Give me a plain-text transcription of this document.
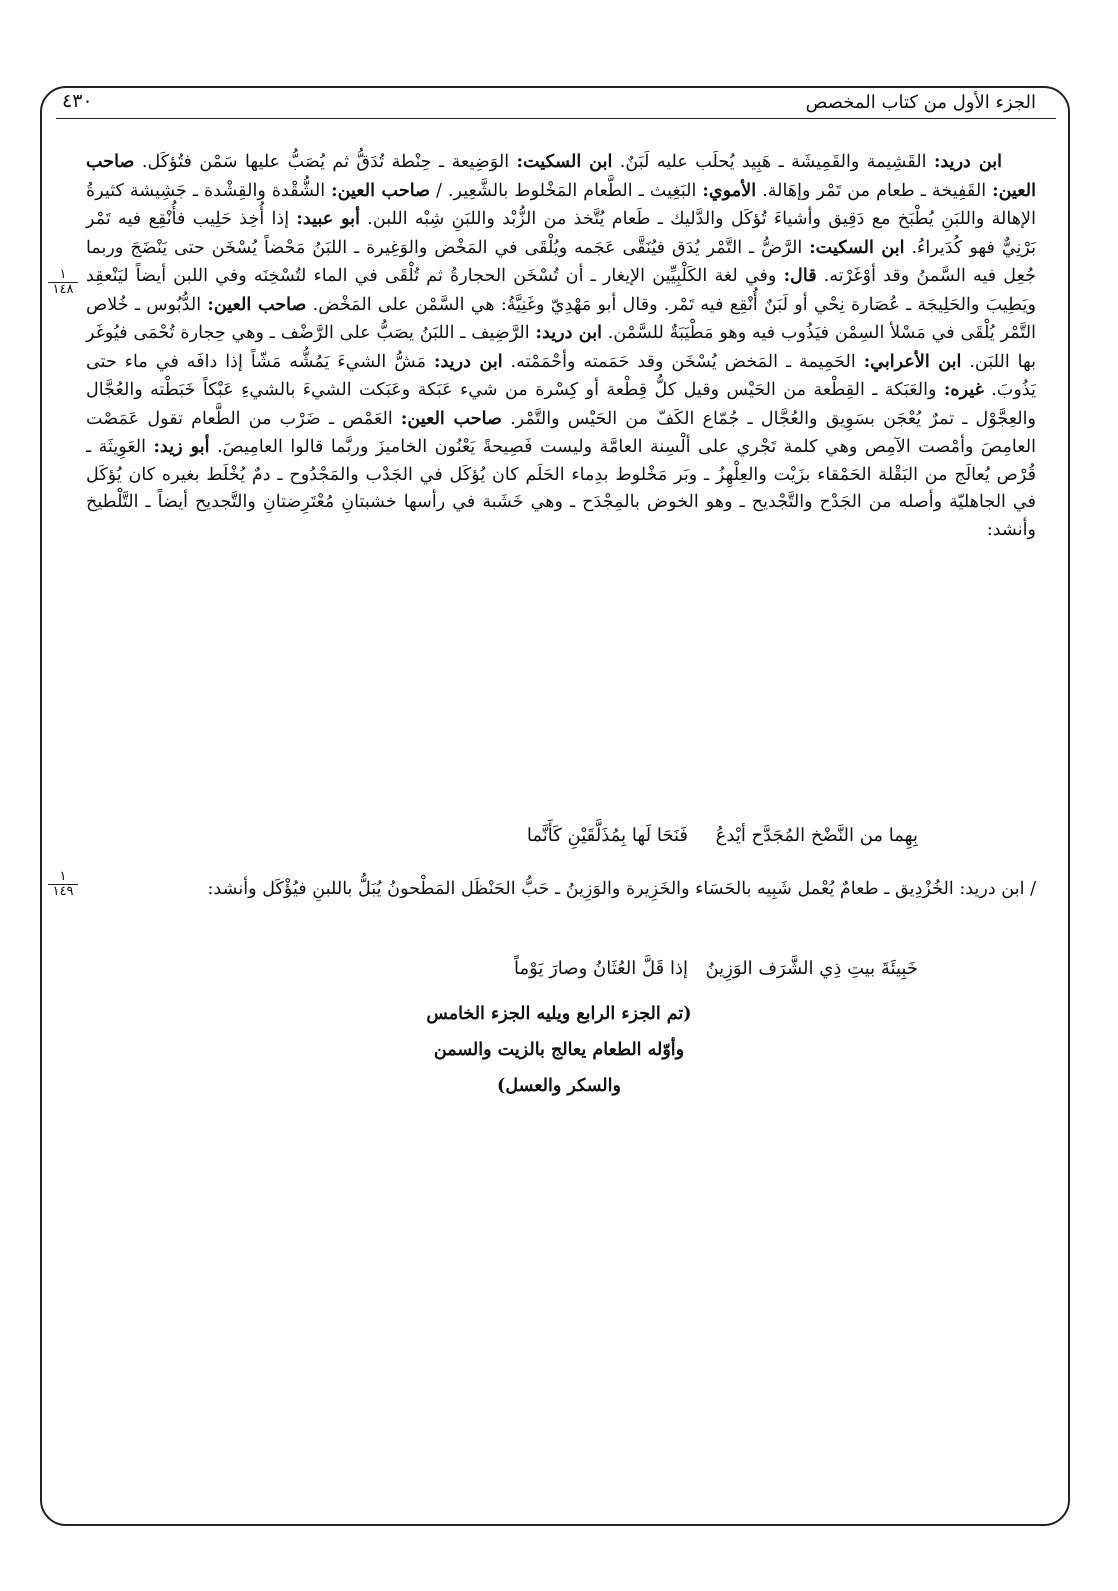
٤٣٠	الجزء الأول من كتاب المخصص
١
١٤٨
١
١٤٩

ابن دريد: القَشِيمة والقَمِيشَة ـ هَبِيد يُحلَب عليه لَبَنٌ. ابن السكيت: الوَضِيعة ـ حِنْطة تُدَقُّ ثم يُصَبُّ عليها سَمْن فتُؤكَل. صاحب العين: القَفِيخة ـ طعام من تَمْر وإهَالة. الأموي: البَغِيث ـ الطَّعام المَخْلوط بالشَّعِير. / صاحب العين: الشُّقْدة والقِشْدة ـ جَشِيشة كثيرةُ الإهالة واللبَنِ يُطْبَخ مع دَقِيق وأشياءَ تُؤكَل والدَّليك ـ طَعام يُتَّخذ من الزُّبْد واللبَنِ شِبْه اللبن. أبو عبيد: إذا أُخِذ حَلِيب فأُنْقِع فيه تَمْر بَرْنِيٌّ فهو كُدَيراءُ. ابن السكيت: الرَّضُّ ـ التَّمْر يُدَق فيُنَقَّى عَجَمه ويُلْقَى في المَخْض والوَغِيرة ـ اللبَنُ مَحْضاً يُسْخَن حتى يَنْضَجَ وربما جُعِل فيه السَّمنُ وقد أوْغَرْته. قال: وفي لغة الكَلْبِيِّين الإيغار ـ أن تُسْخَن الحجارةُ ثم تُلْقَى في الماء لتُسْخِنَه وفي اللبن أيضاً ليَنْعقِد ويَطِيبَ والحَلِيجَة ـ عُصَارة نِحْي أو لَبَنٌ أُنْقِع فيه تَمْر. وقال أبو مَهْدِيّ وغَنِيَّةُ: هي السَّمْن على المَخْض. صاحب العين: الدُّبُوس ـ خُلاص التَّمْر يُلْقَى في مَسْلأ السِمْن فيَذُوب فيه وهو مَطْيَبَةٌ للسَّمْن. ابن دريد: الرَّضِيف ـ اللبَنُ يصَبُّ على الرَّضْف ـ وهي حِجارة تُحْمَى فيُوغَر بها اللبَن. ابن الأعرابي: الحَمِيمة ـ المَخض يُسْخَن وقد حَمَمته وأحْمَمْته. ابن دريد: مَشُّ الشيءَ يَمُشُّه مَشّاً إذا دافَه في ماء حتى يَذُوبَ. غيره: والعَبَكة ـ القِطْعة من الحَيْس وقيل كلُّ قِطْعة أو كِسْرة من شيء عَبَكة وعَبَكت الشيءَ بالشيءِ عَبْكاً خَبَطْته والعُجَّال والعِجَّوْل ـ تمرٌ يُعْجَن بسَوِيق والعُجَّال ـ جُمّاع الكَفّ من الحَيْس والتَّمْر. صاحب العين: العَمْص ـ ضَرْب من الطَّعام تقول عَمَصْت العامِصَ وأمْصت الآمِص وهي كلمة تَجْري على ألْسِنة العامَّة وليست فَصِيحةً يَعْنُون الخاميزَ وربَّما قالوا العامِيصَ. أبو زيد: العَوِيثَة ـ قُرْص يُعالَج من البَقْلة الحَمْقاء بزَيْت والعِلْهِزُ ـ وبَر مَخْلوط بدِماء الحَلَم كان يُؤكَل في الجَدْب والمَجْدُوح ـ دمٌ يُخْلَط بغيره كان يُؤكَل في الجاهليّة وأصله من الجَدْح والتَّجْديح ـ وهو الخوض بالمِجْدَح ـ وهي خَشَبة في رأسها خشبتانِ مُعْتَرِضتانِ والتَّجديح أيضاً ـ التَّلْطيخ وأنشد:

فَنَحَا لَها بِمُذَلَّقَيْنِ كَأَنَّما بِهِما من النَّضْخ المُجَدَّح أيْدعُ

/ ابن دريد: الخُزْدِيق ـ طعامٌ يُعْمل شَبِيه بالحَسَاء والخَزِيرة والوَزِينُ ـ حَبُّ الحَنْظَل المَطْحونُ يُبَلُّ باللبنِ فيُؤْكَل وأنشد:

إذا قَلَّ العُثَانُ وصارَ يَوْماً خَبِيئَةَ بيتِ ذِي الشَّرَف الوَزِينُ
(تم الجزء الرابع ويليه الجزء الخامس
وأوّله الطعام يعالج بالزيت والسمن
والسكر والعسل)
